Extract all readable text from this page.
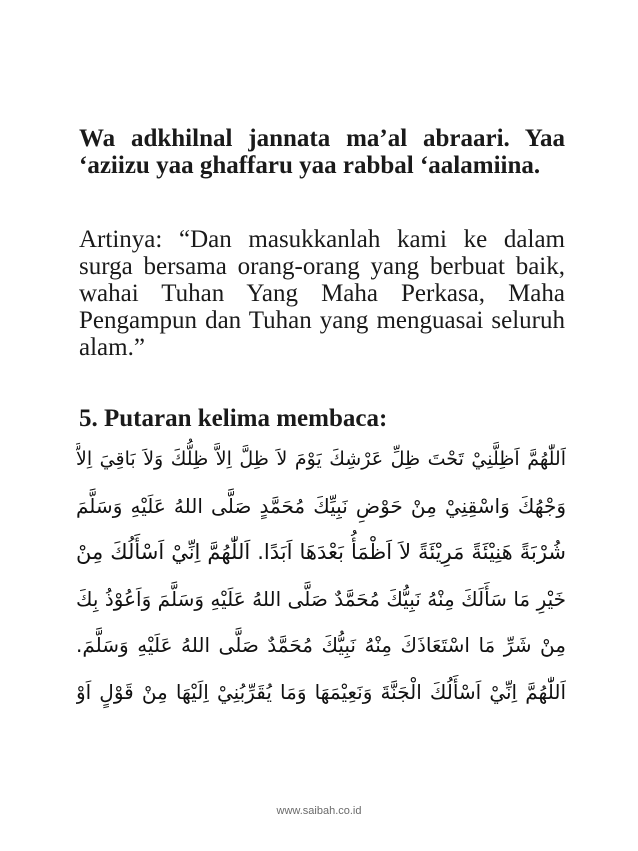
Wa adkhilnal jannata ma’al abraari. Yaa ‘aziizu yaa ghaffaru yaa rabbal ‘aalamiina.
Artinya: “Dan masukkanlah kami ke dalam surga bersama orang-orang yang berbuat baik, wahai Tuhan Yang Maha Perkasa, Maha Pengampun dan Tuhan yang menguasai seluruh alam.”
5. Putaran kelima membaca:
اَللّٰهُمَّ اَظِلَّنِيْ تَحْتَ ظِلِّ عَرْشِكَ يَوْمَ لاَ ظِلَّ اِلاَّ ظِلُّكَ وَلاَ بَاقِيَ اِلاَّ
وَجْهُكَ وَاسْقِنِيْ مِنْ حَوْضِ نَبِيِّكَ مُحَمَّدٍ صَلَّى اللهُ عَلَيْهِ وَسَلَّمَ
شُرْبَةً هَنِيْئَةً مَرِيْئَةً لاَ اَظْمَأُ بَعْدَهَا اَبَدًا. اَللّٰهُمَّ اِنِّيْ اَسْأَلُكَ مِنْ
خَيْرِ مَا سَأَلَكَ مِنْهُ نَبِيُّكَ مُحَمَّدٌ صَلَّى اللهُ عَلَيْهِ وَسَلَّمَ وَاَعُوْذُ بِكَ
مِنْ شَرِّ مَا اسْتَعَاذَكَ مِنْهُ نَبِيُّكَ مُحَمَّدٌ صَلَّى اللهُ عَلَيْهِ وَسَلَّمَ.
اَللّٰهُمَّ اِنِّيْ اَسْأَلُكَ الْجَنَّةَ وَنَعِيْمَهَا وَمَا يُقَرِّبُنِيْ اِلَيْهَا مِنْ قَوْلٍ اَوْ
www.saibah.co.id
